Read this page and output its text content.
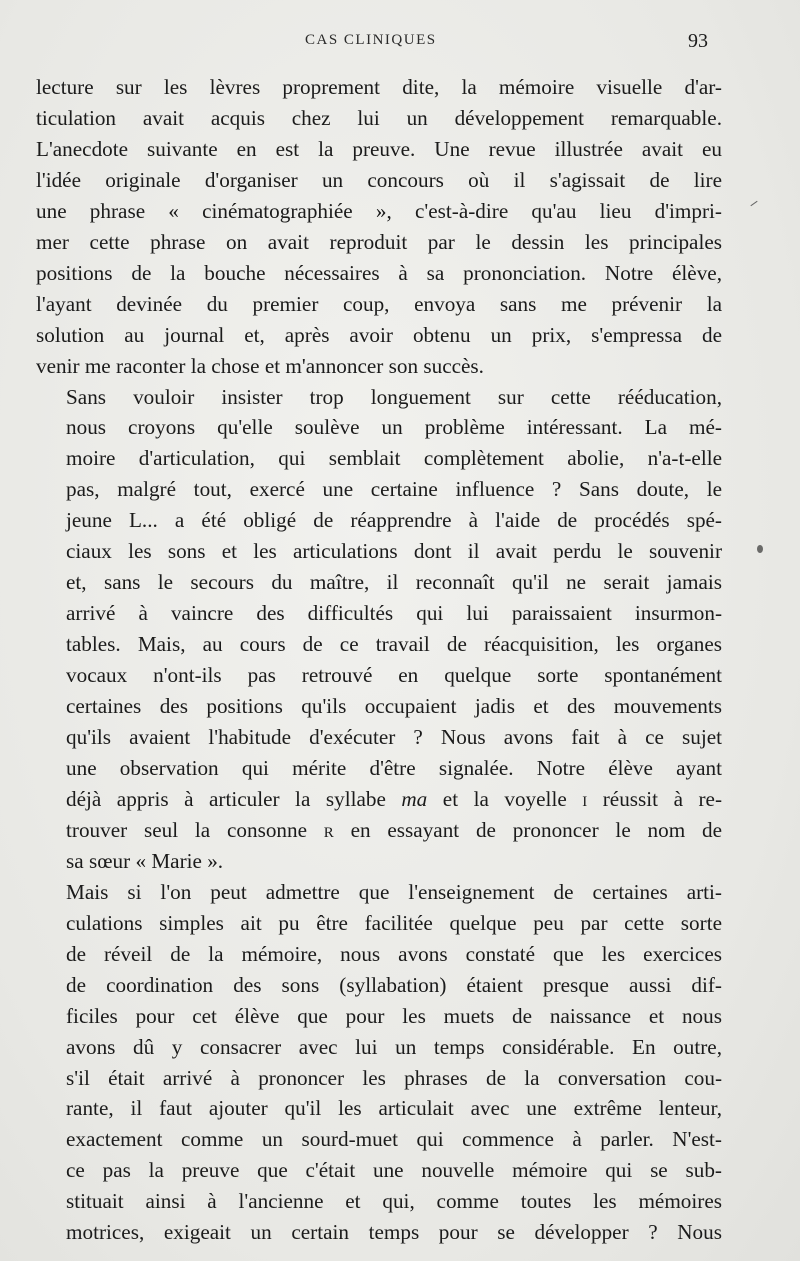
CAS CLINIQUES	93

lecture sur les lèvres proprement dite, la mémoire visuelle d'ar-
ticulation avait acquis chez lui un développement remarquable.
L'anecdote suivante en est la preuve. Une revue illustrée avait eu
l'idée originale d'organiser un concours où il s'agissait de lire
une phrase « cinématographiée », c'est-à-dire qu'au lieu d'impri-
mer cette phrase on avait reproduit par le dessin les principales
positions de la bouche nécessaires à sa prononciation. Notre élève,
l'ayant devinée du premier coup, envoya sans me prévenir la
solution au journal et, après avoir obtenu un prix, s'empressa de
venir me raconter la chose et m'annoncer son succès.

Sans vouloir insister trop longuement sur cette rééducation,
nous croyons qu'elle soulève un problème intéressant. La mé-
moire d'articulation, qui semblait complètement abolie, n'a-t-elle
pas, malgré tout, exercé une certaine influence ? Sans doute, le
jeune L... a été obligé de réapprendre à l'aide de procédés spé-
ciaux les sons et les articulations dont il avait perdu le souvenir
et, sans le secours du maître, il reconnaît qu'il ne serait jamais
arrivé à vaincre des difficultés qui lui paraissaient insurmon-
tables. Mais, au cours de ce travail de réacquisition, les organes
vocaux n'ont-ils pas retrouvé en quelque sorte spontanément
certaines des positions qu'ils occupaient jadis et des mouvements
qu'ils avaient l'habitude d'exécuter ? Nous avons fait à ce sujet
une observation qui mérite d'être signalée. Notre élève ayant
déjà appris à articuler la syllabe ma et la voyelle i réussit à re-
trouver seul la consonne r en essayant de prononcer le nom de
sa sœur « Marie ».

Mais si l'on peut admettre que l'enseignement de certaines arti-
culations simples ait pu être facilitée quelque peu par cette sorte
de réveil de la mémoire, nous avons constaté que les exercices
de coordination des sons (syllabation) étaient presque aussi dif-
ficiles pour cet élève que pour les muets de naissance et nous
avons dû y consacrer avec lui un temps considérable. En outre,
s'il était arrivé à prononcer les phrases de la conversation cou-
rante, il faut ajouter qu'il les articulait avec une extrême lenteur,
exactement comme un sourd-muet qui commence à parler. N'est-
ce pas la preuve que c'était une nouvelle mémoire qui se sub-
stituait ainsi à l'ancienne et qui, comme toutes les mémoires
motrices, exigeait un certain temps pour se développer ? Nous
